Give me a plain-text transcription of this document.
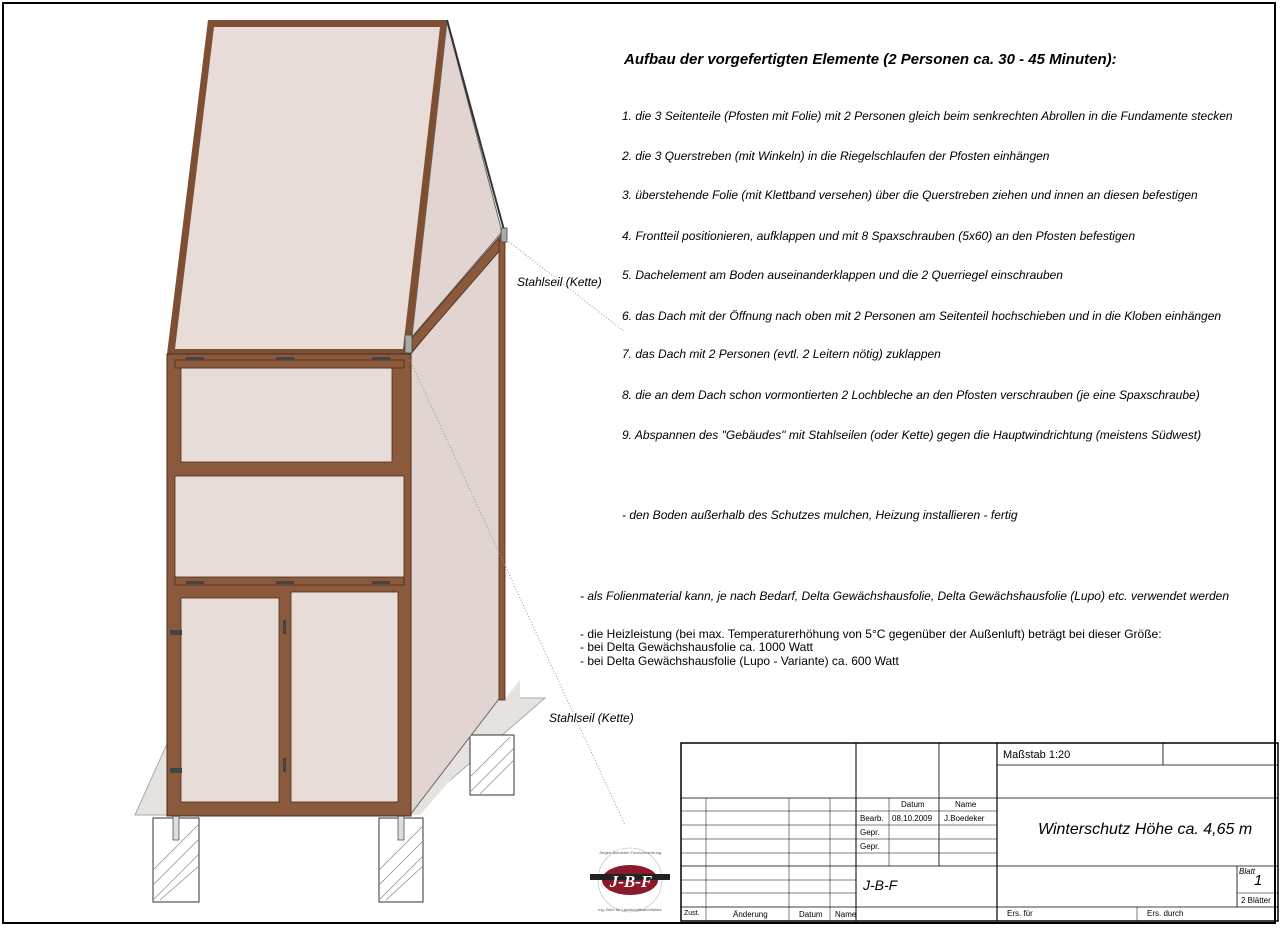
Jürgen Boedeker Forstvermehrung
Ing.-Büro für Landschaftsarchitektur
J-B-F
Aufbau der vorgefertigten Elemente (2 Personen ca. 30 - 45 Minuten):
1. die 3 Seitenteile (Pfosten mit Folie) mit 2 Personen gleich beim senkrechten Abrollen in die Fundamente stecken
2. die 3 Querstreben (mit Winkeln) in die Riegelschlaufen der Pfosten einhängen
3. überstehende Folie (mit Klettband versehen) über die Querstreben ziehen und innen an diesen befestigen
4. Frontteil positionieren, aufklappen und mit 8 Spaxschrauben (5x60) an den Pfosten befestigen
5. Dachelement am Boden auseinanderklappen und die 2 Querriegel einschrauben
6. das Dach mit der Öffnung nach oben mit 2 Personen am Seitenteil hochschieben und in die Kloben einhängen
7. das Dach mit 2 Personen (evtl. 2 Leitern nötig) zuklappen
8. die an dem Dach schon vormontierten 2 Lochbleche an den Pfosten verschrauben (je eine Spaxschraube)
9. Abspannen des "Gebäudes" mit Stahlseilen (oder Kette) gegen die Hauptwindrichtung (meistens Südwest)
- den Boden außerhalb des Schutzes mulchen, Heizung installieren - fertig
- als Folienmaterial kann, je nach Bedarf, Delta Gewächshausfolie, Delta Gewächshausfolie (Lupo) etc. verwendet werden
- die Heizleistung (bei max. Temperaturerhöhung von 5°C gegenüber der Außenluft) beträgt bei dieser Größe:
- bei Delta Gewächshausfolie ca. 1000 Watt
- bei Delta Gewächshausfolie (Lupo - Variante) ca. 600 Watt
Stahlseil (Kette)
Stahlseil (Kette)
Maßstab 1:20
Datum	Name
Bearb. 08.10.2009 J.Boedeker
Gepr.
Gepr.
Winterschutz Höhe ca. 4,65 m
J-B-F
Blatt
1
2 Blätter
Zust.	Änderung	Datum Name	Ers. für	Ers. durch
